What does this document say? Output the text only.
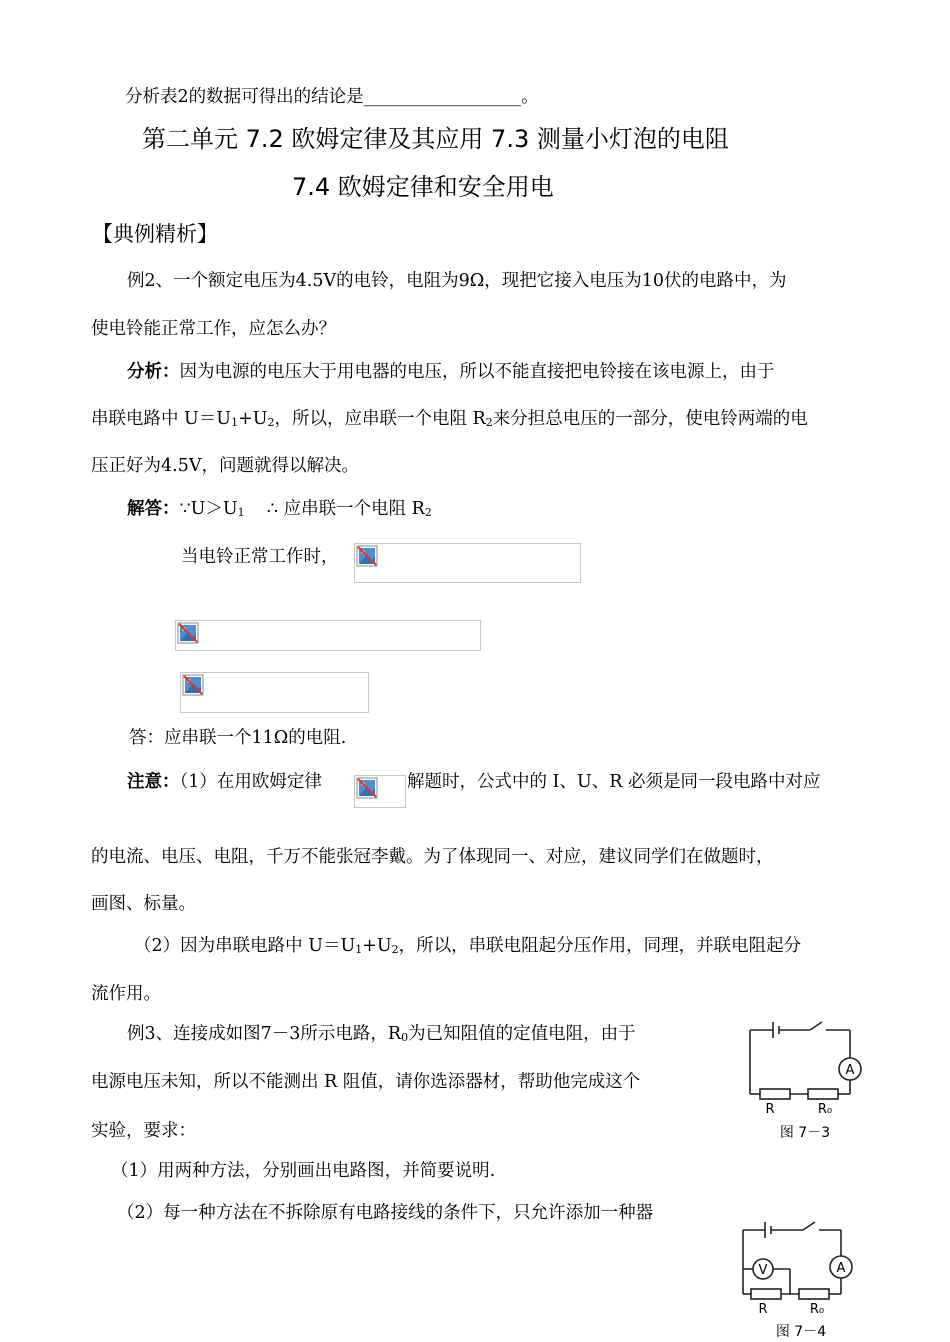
分析表2的数据可得出的结论是__________________。
第二单元 7.2 欧姆定律及其应用 7.3 测量小灯泡的电阻
7.4 欧姆定律和安全用电
【典例精析】
例2、一个额定电压为4.5V的电铃，电阻为9Ω，现把它接入电压为10伏的电路中，为
使电铃能正常工作，应怎么办？
分析：因为电源的电压大于用电器的电压，所以不能直接把电铃接在该电源上，由于
串联电路中 $U=U_1+U_2$，所以，应串联一个电阻 $R_2$来分担总电压的一部分，使电铃两端的电
压正好为4.5V，问题就得以解决。
解答：$\because U>U_1$    ∴ 应串联一个电阻 $R_2$
当电铃正常工作时，
答：应串联一个11Ω的电阻.
注意：（1）在用欧姆定律	解题时，公式中的 I、U、R 必须是同一段电路中对应
的电流、电压、电阻，千万不能张冠李戴。为了体现同一、对应，建议同学们在做题时，
画图、标量。
（2）因为串联电路中 $U=U_1+U_2$，所以，串联电阻起分压作用，同理，并联电阻起分
流作用。
例3、连接成如图7－3所示电路，$R_0$为已知阻值的定值电阻，由于
电源电压未知，所以不能测出 R 阻值，请你选添器材，帮助他完成这个
实验，要求：
（1）用两种方法，分别画出电路图，并简要说明.
（2）每一种方法在不拆除原有电路接线的条件下，只允许添加一种器
A
R	R₀
图 7－3
A
V
R	R₀
图 7－4
